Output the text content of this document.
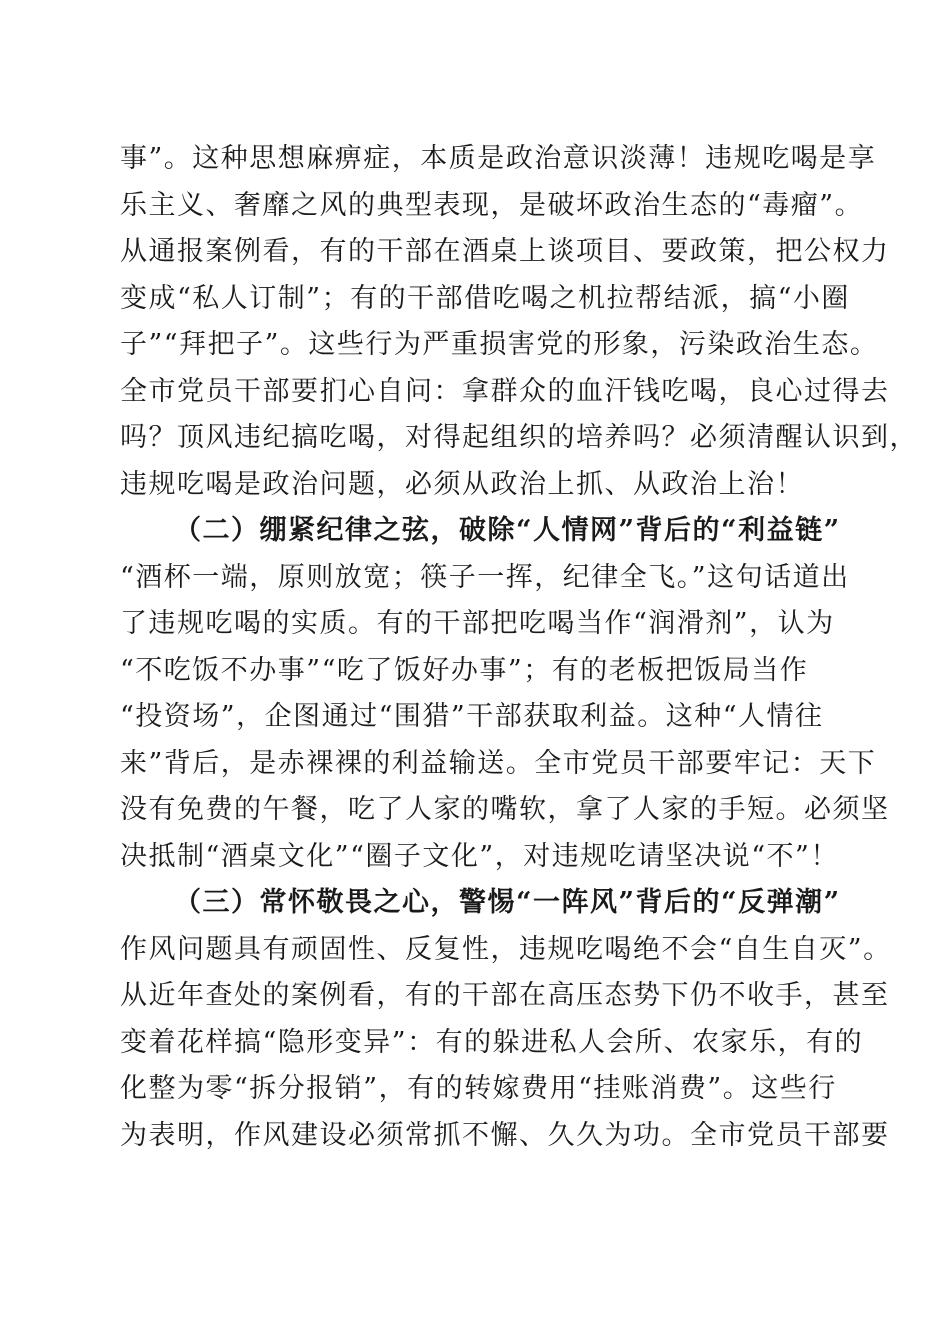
事”。这种思想麻痹症，本质是政治意识淡薄！违规吃喝是享
乐主义、奢靡之风的典型表现，是破坏政治生态的“毒瘤”。
从通报案例看，有的干部在酒桌上谈项目、要政策，把公权力
变成“私人订制”；有的干部借吃喝之机拉帮结派，搞“小圈
子”“拜把子”。这些行为严重损害党的形象，污染政治生态。
全市党员干部要扪心自问：拿群众的血汗钱吃喝，良心过得去
吗？顶风违纪搞吃喝，对得起组织的培养吗？必须清醒认识到，
违规吃喝是政治问题，必须从政治上抓、从政治上治！
（二）绷紧纪律之弦，破除“人情网”背后的“利益链”
“酒杯一端，原则放宽；筷子一挥，纪律全飞。”这句话道出
了违规吃喝的实质。有的干部把吃喝当作“润滑剂”，认为
“不吃饭不办事”“吃了饭好办事”；有的老板把饭局当作
“投资场”，企图通过“围猎”干部获取利益。这种“人情往
来”背后，是赤裸裸的利益输送。全市党员干部要牢记：天下
没有免费的午餐，吃了人家的嘴软，拿了人家的手短。必须坚
决抵制“酒桌文化”“圈子文化”，对违规吃请坚决说“不”！
（三）常怀敬畏之心，警惕“一阵风”背后的“反弹潮”
作风问题具有顽固性、反复性，违规吃喝绝不会“自生自灭”。
从近年查处的案例看，有的干部在高压态势下仍不收手，甚至
变着花样搞“隐形变异”：有的躲进私人会所、农家乐，有的
化整为零“拆分报销”，有的转嫁费用“挂账消费”。这些行
为表明，作风建设必须常抓不懈、久久为功。全市党员干部要
